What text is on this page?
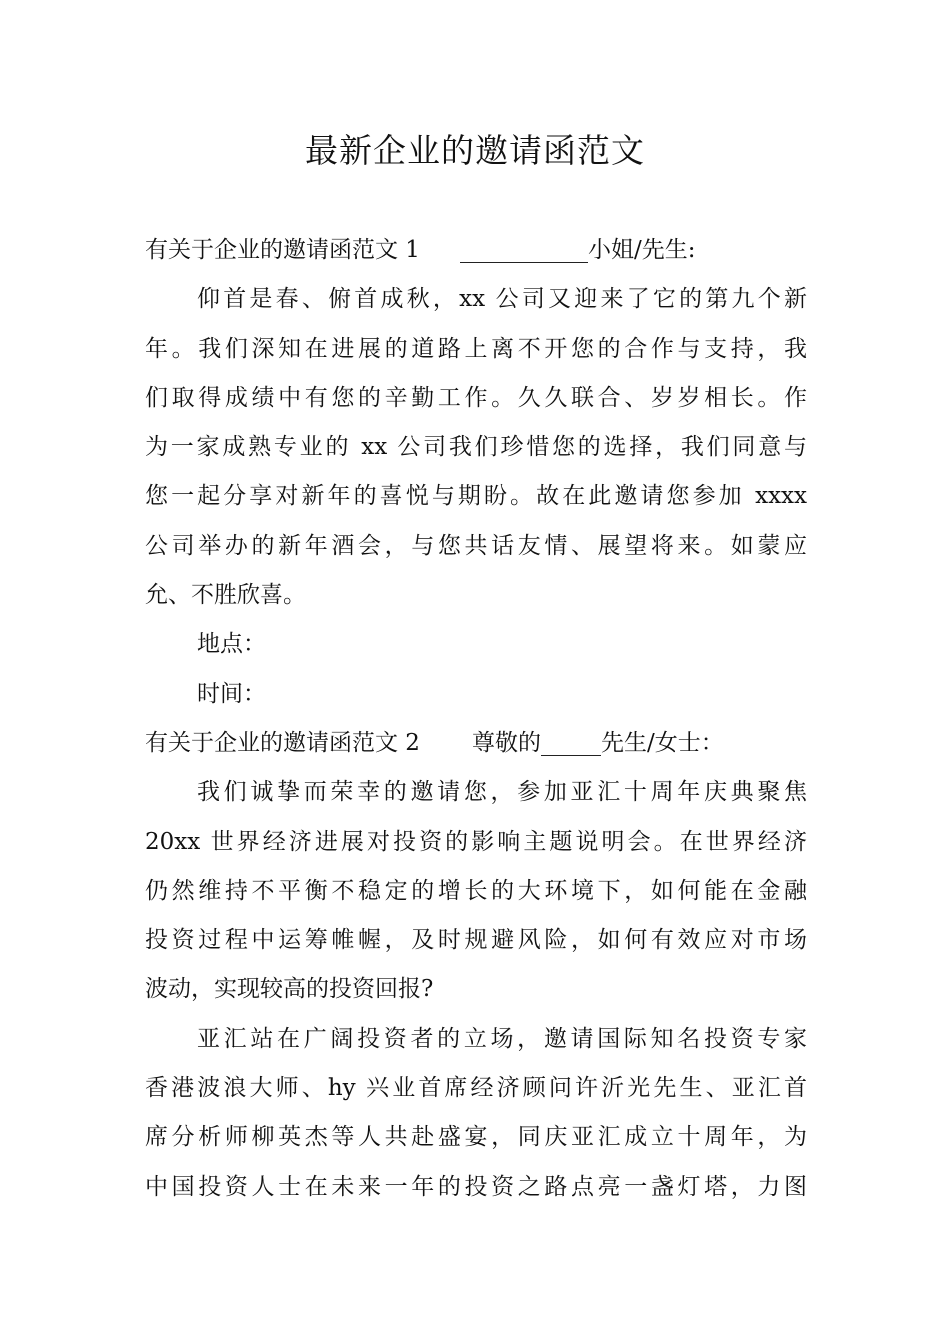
最新企业的邀请函范文
有关于企业的邀请函范文 1	小姐/先生:
仰首是春、俯首成秋，xx 公司又迎来了它的第九个新
年。我们深知在进展的道路上离不开您的合作与支持，我
们取得成绩中有您的辛勤工作。久久联合、岁岁相长。作
为一家成熟专业的 xx 公司我们珍惜您的选择，我们同意与
您一起分享对新年的喜悦与期盼。故在此邀请您参加 xxxx
公司举办的新年酒会，与您共话友情、展望将来。如蒙应
允、不胜欣喜。
地点：
时间：
有关于企业的邀请函范文 2 尊敬的	先生/女士：
我们诚挚而荣幸的邀请您，参加亚汇十周年庆典聚焦
20xx 世界经济进展对投资的影响主题说明会。在世界经济
仍然维持不平衡不稳定的增长的大环境下，如何能在金融
投资过程中运筹帷幄，及时规避风险，如何有效应对市场
波动，实现较高的投资回报?
亚汇站在广阔投资者的立场，邀请国际知名投资专家
香港波浪大师、hy 兴业首席经济顾问许沂光先生、亚汇首
席分析师柳英杰等人共赴盛宴，同庆亚汇成立十周年，为
中国投资人士在未来一年的投资之路点亮一盏灯塔，力图
